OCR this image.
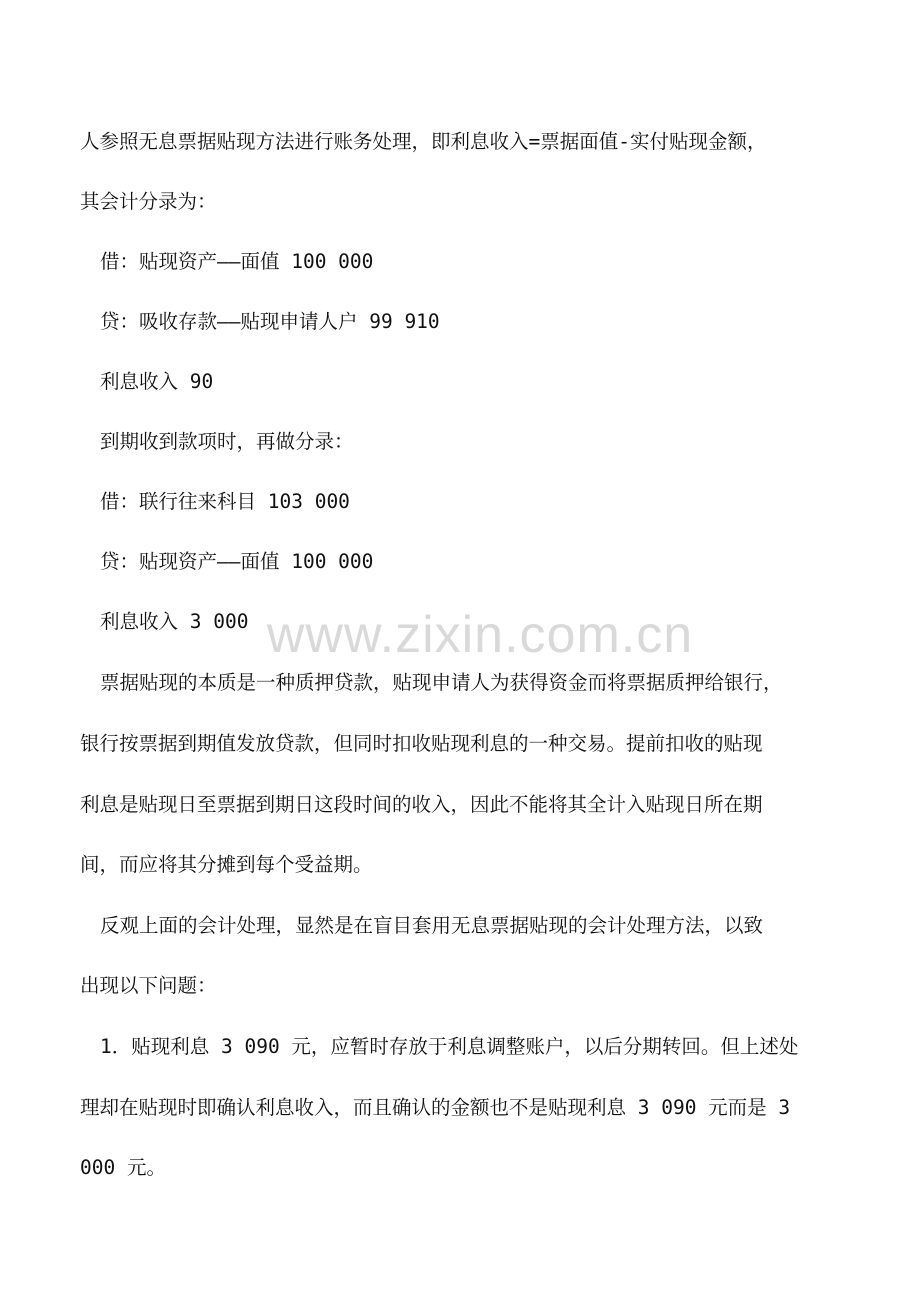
人参照无息票据贴现方法进行账务处理，即利息收入=票据面值-实付贴现金额，
其会计分录为：
借：贴现资产——面值 100 000
贷：吸收存款——贴现申请人户 99 910
利息收入 90
到期收到款项时，再做分录：
借：联行往来科目 103 000
贷：贴现资产——面值 100 000
利息收入 3 000
票据贴现的本质是一种质押贷款，贴现申请人为获得资金而将票据质押给银行，
银行按票据到期值发放贷款，但同时扣收贴现利息的一种交易。提前扣收的贴现
利息是贴现日至票据到期日这段时间的收入，因此不能将其全计入贴现日所在期
间，而应将其分摊到每个受益期。
反观上面的会计处理，显然是在盲目套用无息票据贴现的会计处理方法，以致
出现以下问题：
1．贴现利息 3 090 元，应暂时存放于利息调整账户，以后分期转回。但上述处
理却在贴现时即确认利息收入，而且确认的金额也不是贴现利息 3 090 元而是 3
000 元。
www.zixin.com.cn
